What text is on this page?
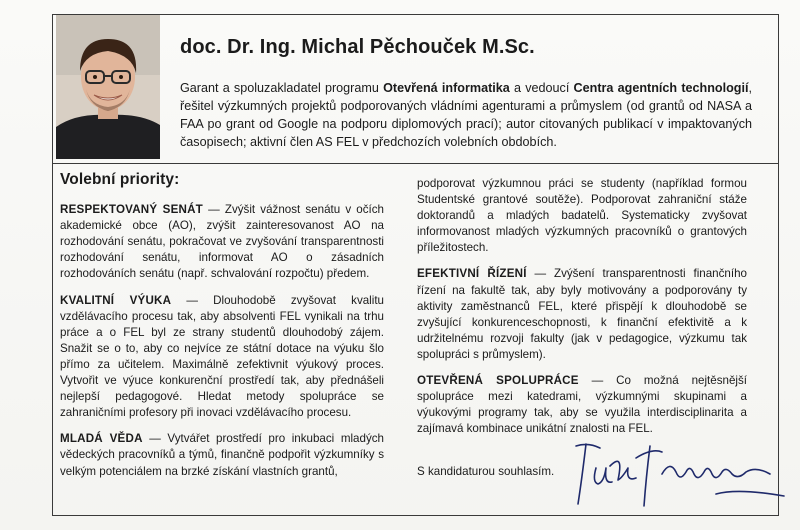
doc. Dr. Ing. Michal Pěchouček M.Sc.

Garant a spoluzakladatel programu Otevřená informatika a vedoucí Centra agentních technologií, řešitel výzkumných projektů podporovaných vládními agenturami a průmyslem (od grantů od NASA a FAA po grant od Google na podporu diplomových prací); autor citovaných publikací v impaktovaných časopisech; aktivní člen AS FEL v předchozích volebních obdobích.

Volební priority:

RESPEKTOVANÝ SENÁT — Zvýšit vážnost senátu v očích akademické obce (AO), zvýšit zainteresovanost AO na rozhodování senátu, pokračovat ve zvyšování transparentnosti rozhodování senátu, informovat AO o zásadních rozhodováních senátu (např. schvalování rozpočtu) předem.

KVALITNÍ VÝUKA — Dlouhodobě zvyšovat kvalitu vzdělávacího procesu tak, aby absolventi FEL vynikali na trhu práce a o FEL byl ze strany studentů dlouhodobý zájem. Snažit se o to, aby co nejvíce ze státní dotace na výuku šlo přímo za učitelem. Maximálně zefektivnit výukový proces. Vytvořit ve výuce konkurenční prostředí tak, aby přednášeli nejlepší pedagogové. Hledat metody spolupráce se zahraničními profesory při inovaci vzdělávacího procesu.

MLADÁ VĚDA — Vytvářet prostředí pro inkubaci mladých vědeckých pracovníků a týmů, finančně podpořit výzkumníky s velkým potenciálem na brzké získání vlastních grantů,

podporovat výzkumnou práci se studenty (například formou Studentské grantové soutěže). Podporovat zahraniční stáže doktorandů a mladých badatelů. Systematicky zvyšovat informovanost mladých výzkumných pracovníků o grantových příležitostech.

EFEKTIVNÍ ŘÍZENÍ — Zvýšení transparentnosti finančního řízení na fakultě tak, aby byly motivovány a podporovány ty aktivity zaměstnanců FEL, které přispějí k dlouhodobě se zvyšující konkurenceschopnosti, k finanční efektivitě a k udržitelnému rozvoji fakulty (jak v pedagogice, výzkumu tak spolupráci s průmyslem).

OTEVŘENÁ SPOLUPRÁCE — Co možná nejtěsnější spolupráce mezi katedrami, výzkumnými skupinami a výukovými programy tak, aby se využila interdisciplinarita a zajímavá kombinace unikátní znalosti na FEL.

S kandidaturou souhlasím.
